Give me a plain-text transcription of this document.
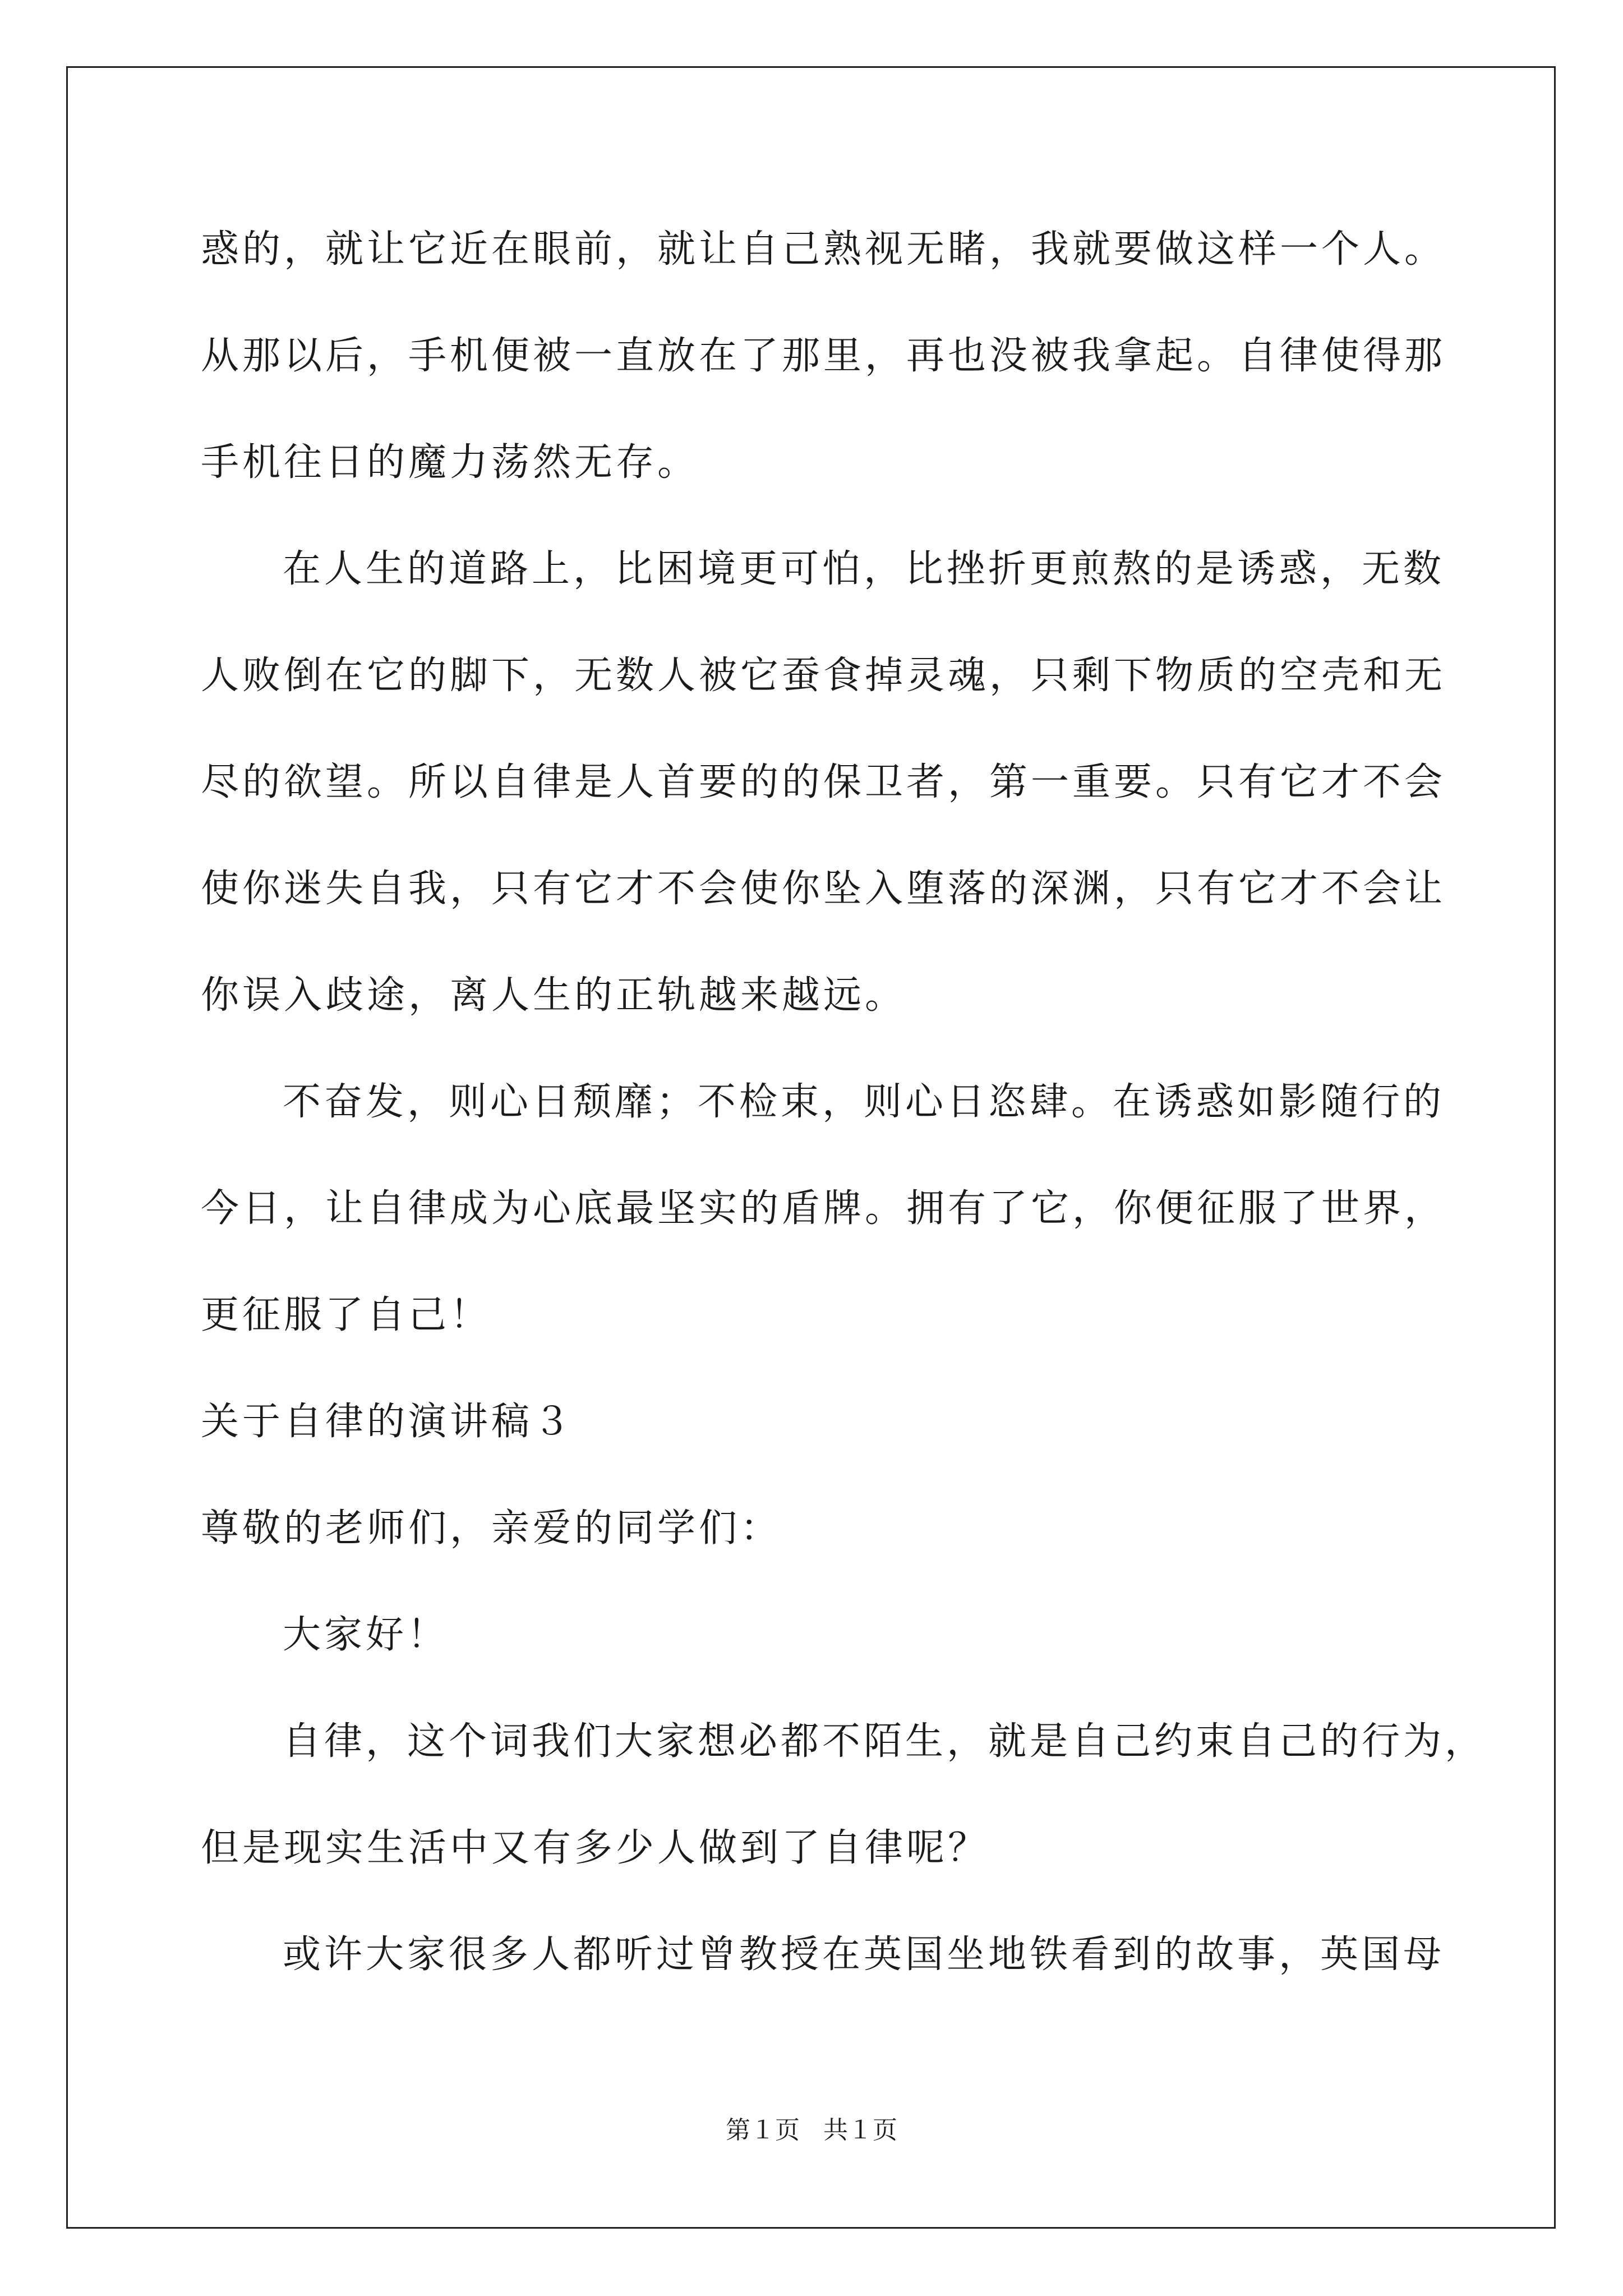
惑的，就让它近在眼前，就让自己熟视无睹，我就要做这样一个人。
从那以后，手机便被一直放在了那里，再也没被我拿起。自律使得那
手机往日的魔力荡然无存。
在人生的道路上，比困境更可怕，比挫折更煎熬的是诱惑，无数
人败倒在它的脚下，无数人被它蚕食掉灵魂，只剩下物质的空壳和无
尽的欲望。所以自律是人首要的的保卫者，第一重要。只有它才不会
使你迷失自我，只有它才不会使你坠入堕落的深渊，只有它才不会让
你误入歧途，离人生的正轨越来越远。
不奋发，则心日颓靡；不检束，则心日恣肆。在诱惑如影随行的
今日，让自律成为心底最坚实的盾牌。拥有了它，你便征服了世界，
更征服了自己！
关于自律的演讲稿３
尊敬的老师们，亲爱的同学们：
大家好！
自律，这个词我们大家想必都不陌生，就是自己约束自己的行为，
但是现实生活中又有多少人做到了自律呢？
或许大家很多人都听过曾教授在英国坐地铁看到的故事，英国母
第１页 共１页
